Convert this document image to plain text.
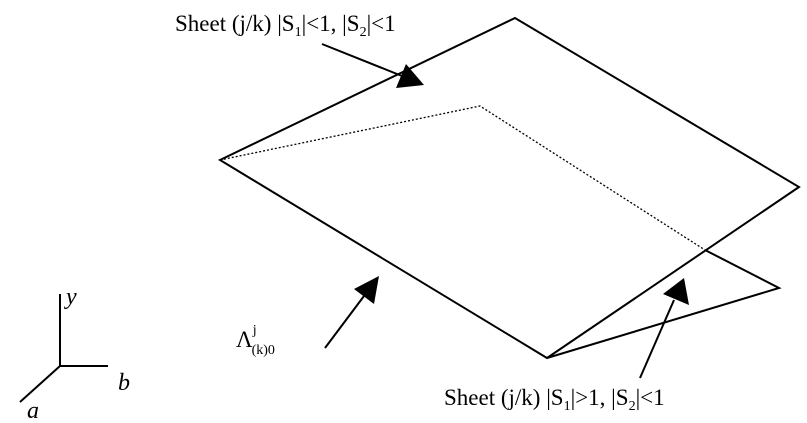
Sheet (j/k) $|S_1|<1$, $|S_2|<1$
Sheet (j/k) $|S_1|>1$, $|S_2|<1$
$\Lambda^j$ (k)0
y
b
a
